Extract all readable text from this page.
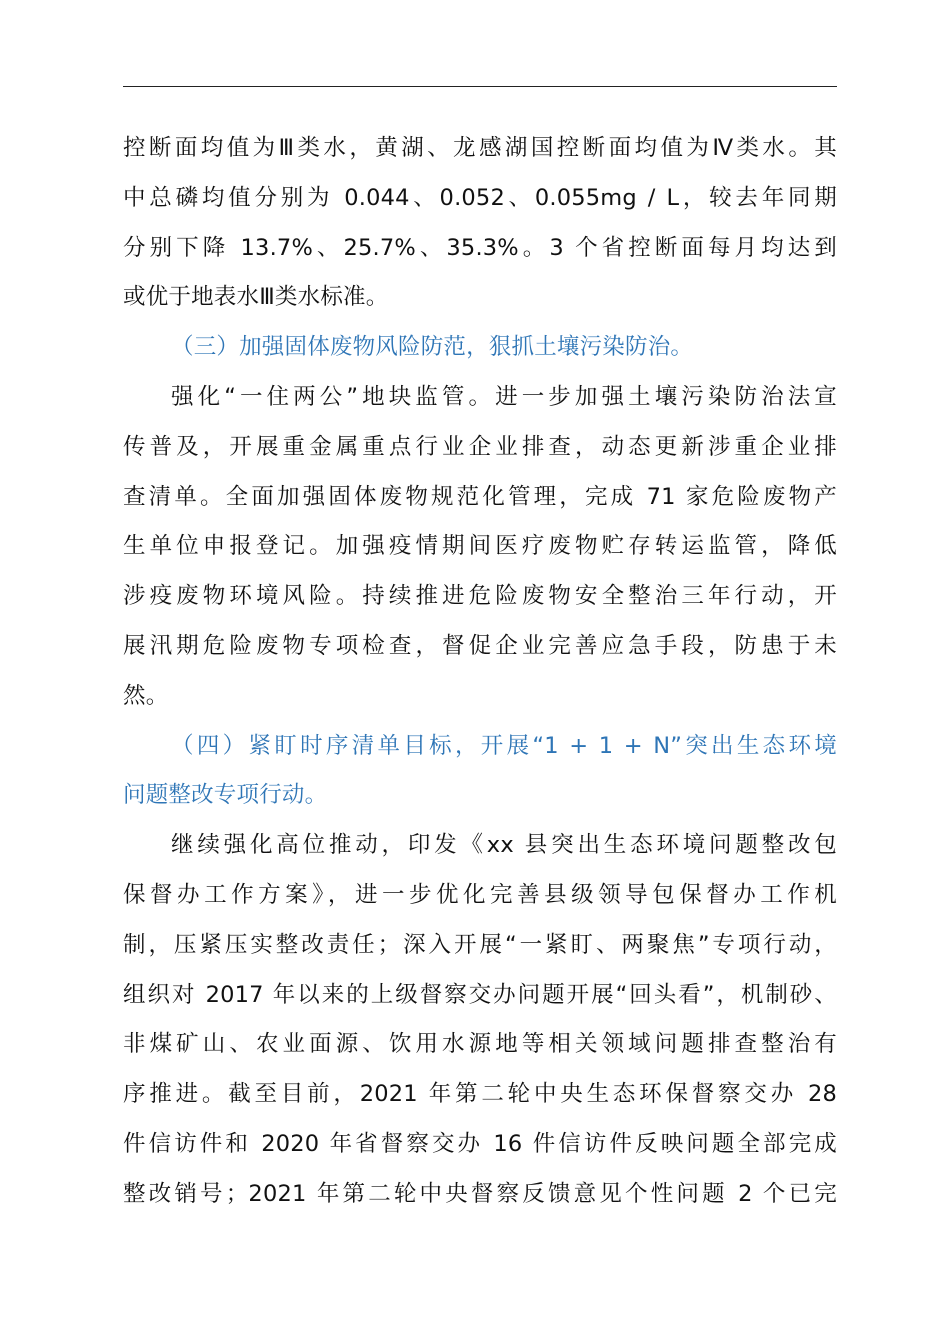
控断面均值为Ⅲ类水，黄湖、龙感湖国控断面均值为Ⅳ类水。其
中总磷均值分别为 0.044、0.052、0.055mg / L，较去年同期
分别下降 13.7%、25.7%、35.3%。3 个省控断面每月均达到
或优于地表水Ⅲ类水标准。
（三）加强固体废物风险防范，狠抓土壤污染防治。
强化“一住两公”地块监管。进一步加强土壤污染防治法宣
传普及，开展重金属重点行业企业排查，动态更新涉重企业排
查清单。全面加强固体废物规范化管理，完成 71 家危险废物产
生单位申报登记。加强疫情期间医疗废物贮存转运监管，降低
涉疫废物环境风险。持续推进危险废物安全整治三年行动，开
展汛期危险废物专项检查，督促企业完善应急手段，防患于未
然。
（四）紧盯时序清单目标，开展“1 + 1 + N”突出生态环境
问题整改专项行动。
继续强化高位推动，印发《xx 县突出生态环境问题整改包
保督办工作方案》，进一步优化完善县级领导包保督办工作机
制，压紧压实整改责任；深入开展“一紧盯、两聚焦”专项行动，
组织对 2017 年以来的上级督察交办问题开展“回头看”，机制砂、
非煤矿山、农业面源、饮用水源地等相关领域问题排查整治有
序推进。截至目前，2021 年第二轮中央生态环保督察交办 28
件信访件和 2020 年省督察交办 16 件信访件反映问题全部完成
整改销号；2021 年第二轮中央督察反馈意见个性问题 2 个已完
